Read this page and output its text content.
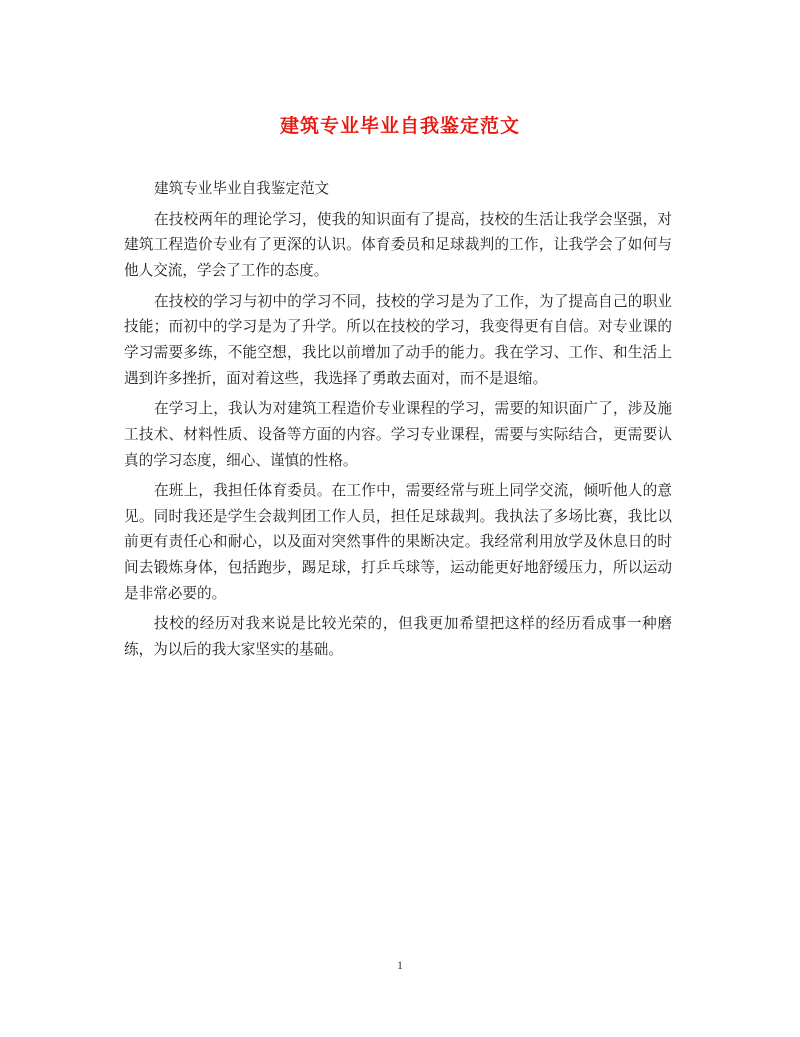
建筑专业毕业自我鉴定范文

建筑专业毕业自我鉴定范文

在技校两年的理论学习，使我的知识面有了提高，技校的生活让我学会坚强，对建筑工程造价专业有了更深的认识。体育委员和足球裁判的工作，让我学会了如何与他人交流，学会了工作的态度。

在技校的学习与初中的学习不同，技校的学习是为了工作，为了提高自己的职业技能；而初中的学习是为了升学。所以在技校的学习，我变得更有自信。对专业课的学习需要多练，不能空想，我比以前增加了动手的能力。我在学习、工作、和生活上遇到许多挫折，面对着这些，我选择了勇敢去面对，而不是退缩。

在学习上，我认为对建筑工程造价专业课程的学习，需要的知识面广了，涉及施工技术、材料性质、设备等方面的内容。学习专业课程，需要与实际结合，更需要认真的学习态度，细心、谨慎的性格。

在班上，我担任体育委员。在工作中，需要经常与班上同学交流，倾听他人的意见。同时我还是学生会裁判团工作人员，担任足球裁判。我执法了多场比赛，我比以前更有责任心和耐心，以及面对突然事件的果断决定。我经常利用放学及休息日的时间去锻炼身体，包括跑步，踢足球，打乒乓球等，运动能更好地舒缓压力，所以运动是非常必要的。

技校的经历对我来说是比较光荣的，但我更加希望把这样的经历看成事一种磨练，为以后的我大家坚实的基础。

1
